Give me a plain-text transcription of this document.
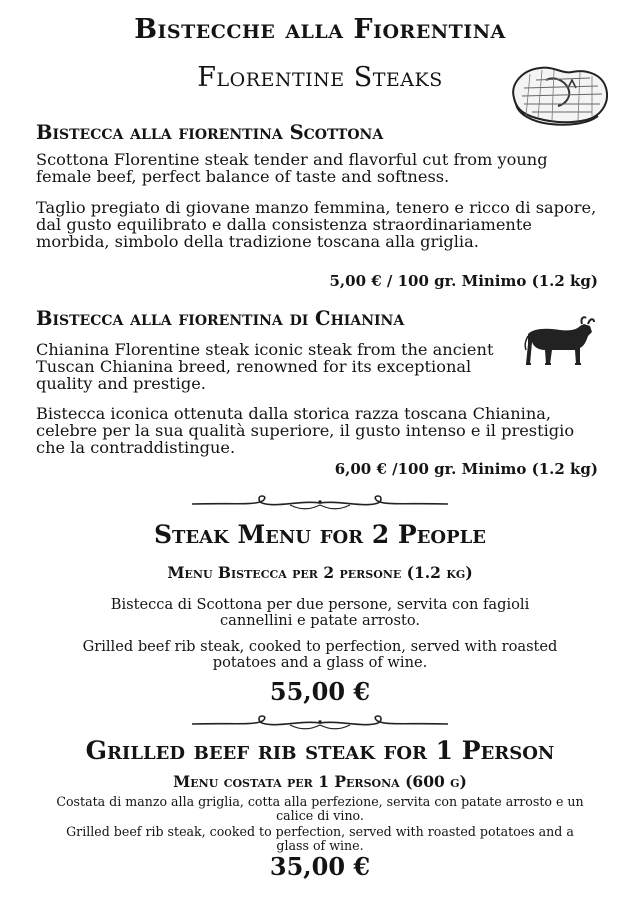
Bistecche alla Fiorentina
Florentine Steaks
Bistecca alla fiorentina Scottona
Scottona Florentine steak tender and flavorful cut from young
female beef, perfect balance of taste and softness.
Taglio pregiato di giovane manzo femmina, tenero e ricco di sapore,
dal gusto equilibrato e dalla consistenza straordinariamente
morbida, simbolo della tradizione toscana alla griglia.
5,00 € / 100 gr. Minimo (1.2 kg)
Bistecca alla fiorentina di Chianina
Chianina Florentine steak iconic steak from the ancient
Tuscan Chianina breed, renowned for its exceptional
quality and prestige.
Bistecca iconica ottenuta dalla storica razza toscana Chianina,
celebre per la sua qualità superiore, il gusto intenso e il prestigio
che la contraddistingue.
6,00 € /100 gr. Minimo (1.2 kg)
Steak Menu for 2 People
Menu Bistecca per 2 persone (1.2 kg)
Bistecca di Scottona per due persone, servita con fagioli
cannellini e patate arrosto.
Grilled beef rib steak, cooked to perfection, served with roasted
potatoes and a glass of wine.
55,00 €
Grilled beef rib steak for 1 Person
Menu costata per 1 Persona (600 g)
Costata di manzo alla griglia, cotta alla perfezione, servita con patate arrosto e un
calice di vino.
Grilled beef rib steak, cooked to perfection, served with roasted potatoes and a
glass of wine.
35,00 €
